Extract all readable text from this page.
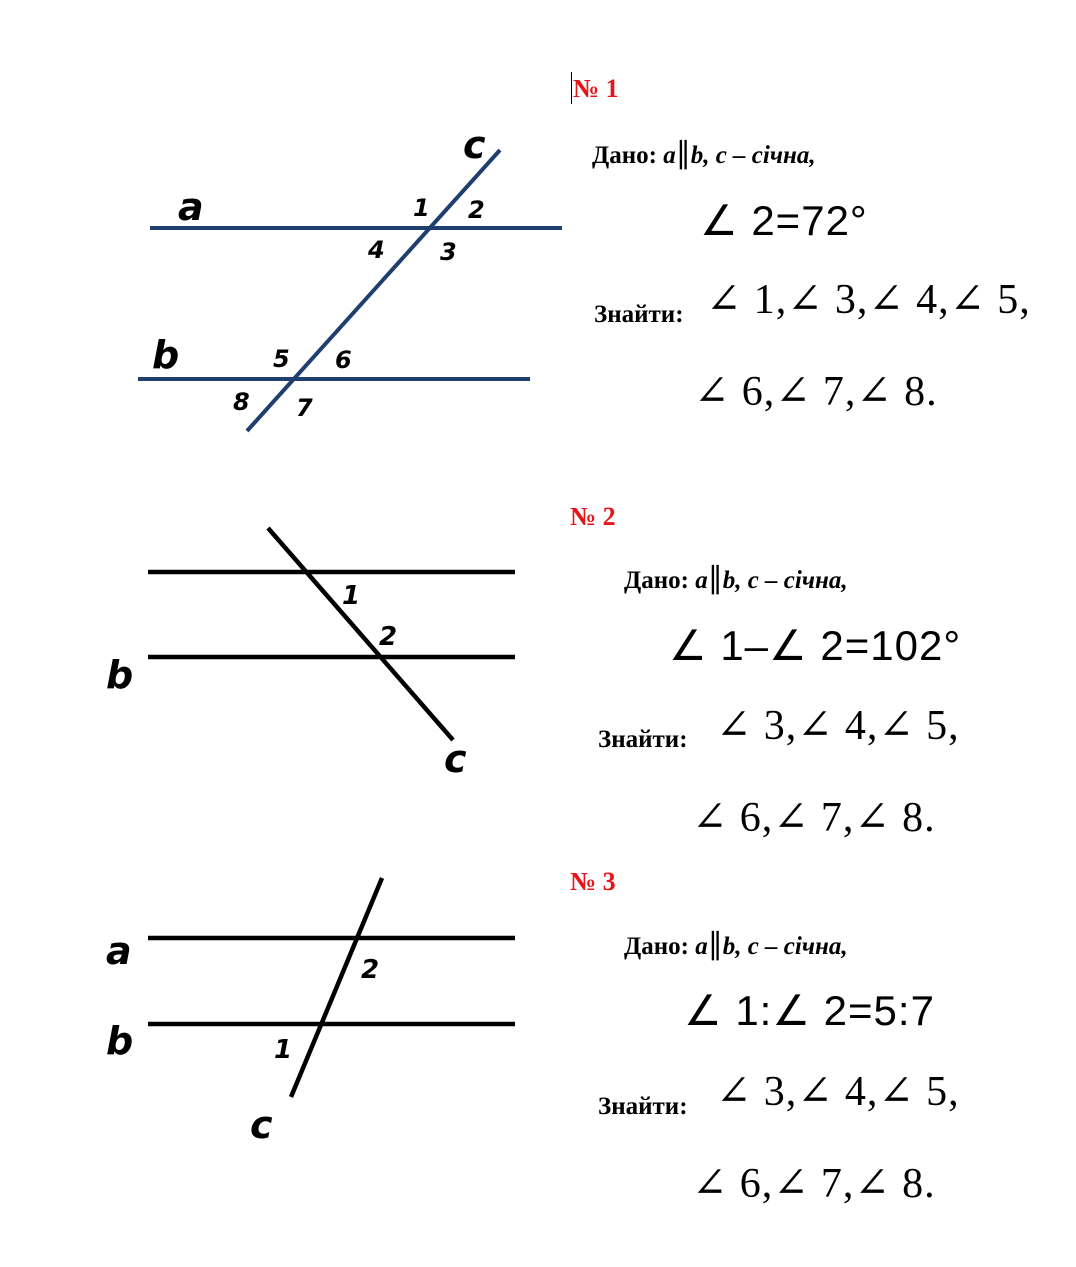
a
b
c
1 2
3
4
5 6
7
8
b
c
1
2
a
b
c
2
1
№ 1
Дано: a∥b, c – січна,
∠ 2=72°
Знайти: ∠ 1,∠ 3,∠ 4,∠ 5,
∠ 6,∠ 7,∠ 8.
№ 2
Дано: a∥b, c – січна,
∠ 1–∠ 2=102°
Знайти: ∠ 3,∠ 4,∠ 5,
∠ 6,∠ 7,∠ 8.
№ 3
Дано: a∥b, c – січна,
∠ 1:∠ 2=5:7
Знайти: ∠ 3,∠ 4,∠ 5,
∠ 6,∠ 7,∠ 8.
